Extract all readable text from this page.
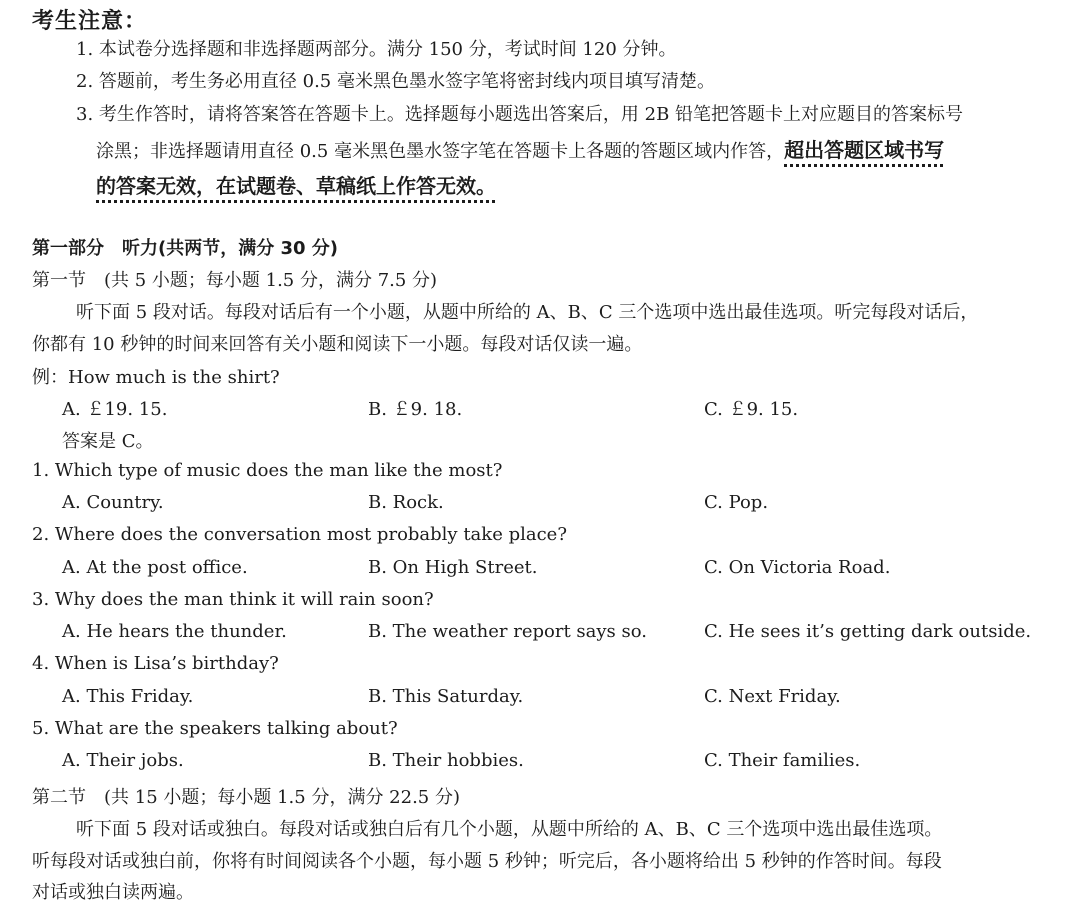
考生注意：
1. 本试卷分选择题和非选择题两部分。满分 150 分，考试时间 120 分钟。
2. 答题前，考生务必用直径 0.5 毫米黑色墨水签字笔将密封线内项目填写清楚。
3. 考生作答时，请将答案答在答题卡上。选择题每小题选出答案后，用 2B 铅笔把答题卡上对应题目的答案标号
涂黑；非选择题请用直径 0.5 毫米黑色墨水签字笔在答题卡上各题的答题区域内作答，超出答题区域书写
的答案无效，在试题卷、草稿纸上作答无效。
第一部分　听力(共两节，满分 30 分)
第一节　(共 5 小题；每小题 1.5 分，满分 7.5 分)
听下面 5 段对话。每段对话后有一个小题，从题中所给的 A、B、C 三个选项中选出最佳选项。听完每段对话后，
你都有 10 秒钟的时间来回答有关小题和阅读下一小题。每段对话仅读一遍。
例：How much is the shirt?
A. ￡19. 15.	B. ￡9. 18.	C. ￡9. 15.
答案是 C。
1. Which type of music does the man like the most?
A. Country.	B. Rock.	C. Pop.
2. Where does the conversation most probably take place?
A. At the post office.	B. On High Street.	C. On Victoria Road.
3. Why does the man think it will rain soon?
A. He hears the thunder.	B. The weather report says so.	C. He sees it’s getting dark outside.
4. When is Lisa’s birthday?
A. This Friday.	B. This Saturday.	C. Next Friday.
5. What are the speakers talking about?
A. Their jobs.	B. Their hobbies.	C. Their families.
第二节　(共 15 小题；每小题 1.5 分，满分 22.5 分)
听下面 5 段对话或独白。每段对话或独白后有几个小题，从题中所给的 A、B、C 三个选项中选出最佳选项。
听每段对话或独白前，你将有时间阅读各个小题，每小题 5 秒钟；听完后，各小题将给出 5 秒钟的作答时间。每段
对话或独白读两遍。
